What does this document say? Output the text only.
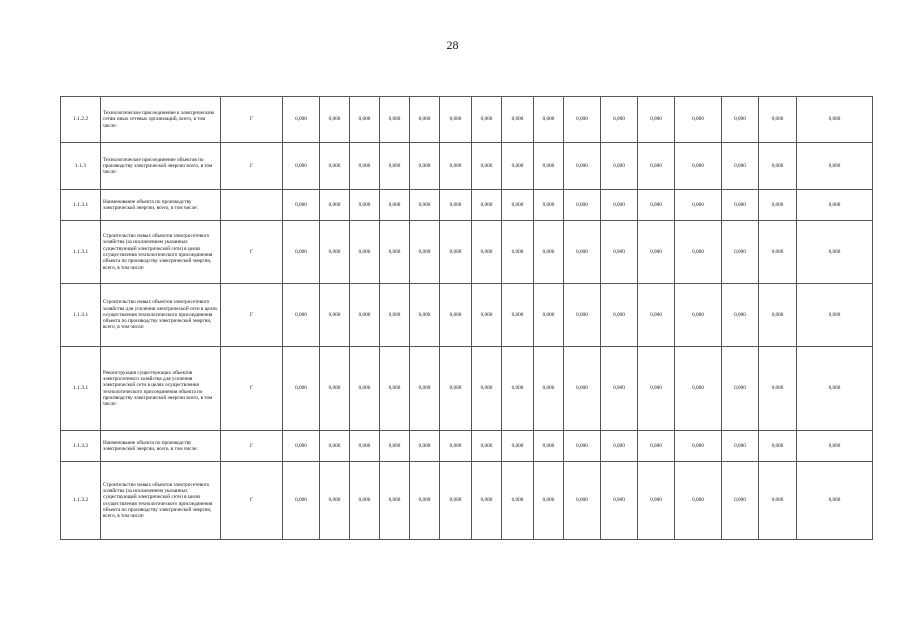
28
1.1.2.2	Технологическое присоединение к электрическим сетям иных сетевых организаций, всего, в том числе:	Г	0,000	0,000	0,000	0,000	0,000	0,000	0,000	0,000	0,000	0,000	0,000	0,000	0,000	0,000	0,000	0,000
1.1.3	Технологическое присоединение объектов по производству электрической энергии всего, в том числе:	Г	0,000	0,000	0,000	0,000	0,000	0,000	0,000	0,000	0,000	0,000	0,000	0,000	0,000	0,000	0,000	0,000
1.1.3.1	Наименование объекта по производству электрической энергии, всего, в том числе:		0,000	0,000	0,000	0,000	0,000	0,000	0,000	0,000	0,000	0,000	0,000	0,000	0,000	0,000	0,000	0,000
1.1.3.1	Строительство новых объектов электросетевого хозяйства (за исключением указанных существующей электрической сети) в целях осуществления технологического присоединения объекта по производству электрической энергии, всего, в том числе:	Г	0,000	0,000	0,000	0,000	0,000	0,000	0,000	0,000	0,000	0,000	0,000	0,000	0,000	0,000	0,000	0,000
1.1.3.1	Строительство новых объектов электросетевого хозяйства для усиления электрической сети в целях осуществления технологического присоединения объекта по производству электрической энергии, всего, в том числе:	Г	0,000	0,000	0,000	0,000	0,000	0,000	0,000	0,000	0,000	0,000	0,000	0,000	0,000	0,000	0,000	0,000
1.1.3.1	Реконструкция существующих объектов электросетевого хозяйства для усиления электрической сети в целях осуществления технологического присоединения объекта по производству электрической энергии всего, в том числе:	Г	0,000	0,000	0,000	0,000	0,000	0,000	0,000	0,000	0,000	0,000	0,000	0,000	0,000	0,000	0,000	0,000
1.1.3.2	Наименование объекта по производству электрической энергии, всего, в том числе:	Г	0,000	0,000	0,000	0,000	0,000	0,000	0,000	0,000	0,000	0,000	0,000	0,000	0,000	0,000	0,000	0,000
1.1.3.2	Строительство новых объектов электросетевого хозяйства (за исключением указанных существующей электрической сети) в целях осуществления технологического присоединения объекта по производству электрической энергии, всего, в том числе:	Г	0,000	0,000	0,000	0,000	0,000	0,000	0,000	0,000	0,000	0,000	0,000	0,000	0,000	0,000	0,000	0,000
